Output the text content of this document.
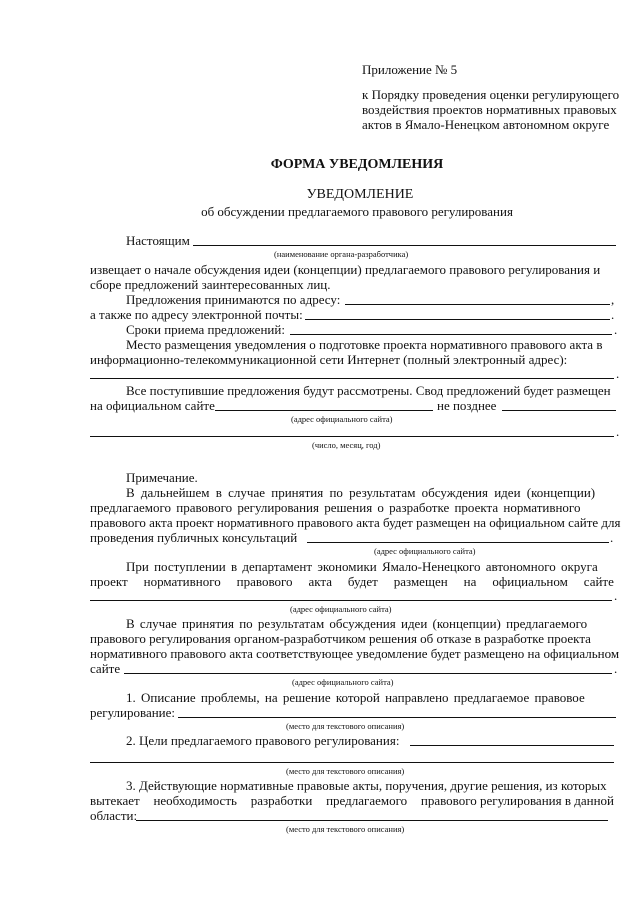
Приложение № 5
к Порядку проведения оценки регулирующего
воздействия проектов нормативных правовых
актов в Ямало-Ненецком автономном округе
ФОРМА УВЕДОМЛЕНИЯ
УВЕДОМЛЕНИЕ
об обсуждении предлагаемого правового регулирования
Настоящим
(наименование органа-разработчика)
извещает о начале обсуждения идеи (концепции) предлагаемого правового регулирования и
сборе предложений заинтересованных лиц.
Предложения принимаются по адресу:	,
а также по адресу электронной почты:	.
Сроки приема предложений:	.
Место размещения уведомления о подготовке проекта нормативного правового акта в
информационно-телекоммуникационной сети Интернет (полный электронный адрес):
.
Все поступившие предложения будут рассмотрены. Свод предложений будет размещен
на официальном сайте	не позднее
(адрес официального сайта)
.
(число, месяц, год)
Примечание.
В дальнейшем в случае принятия по результатам обсуждения идеи (концепции)
предлагаемого правового регулирования решения о разработке проекта нормативного
правового акта проект нормативного правового акта будет размещен на официальном сайте для
проведения публичных консультаций	.
(адрес официального сайта)
При поступлении в департамент экономики Ямало-Ненецкого автономного округа
проект нормативного правового акта будет размещен на официальном сайте
.
(адрес официального сайта)
В случае принятия по результатам обсуждения идеи (концепции) предлагаемого
правового регулирования органом-разработчиком решения об отказе в разработке проекта
нормативного правового акта соответствующее уведомление будет размещено на официальном
сайте	.
(адрес официального сайта)
1. Описание проблемы, на решение которой направлено предлагаемое правовое
регулирование:
(место для текстового описания)
2. Цели предлагаемого правового регулирования:
(место для текстового описания)
3. Действующие нормативные правовые акты, поручения, другие решения, из которых
вытекает необходимость разработки предлагаемого правового регулирования в данной
области:
(место для текстового описания)
